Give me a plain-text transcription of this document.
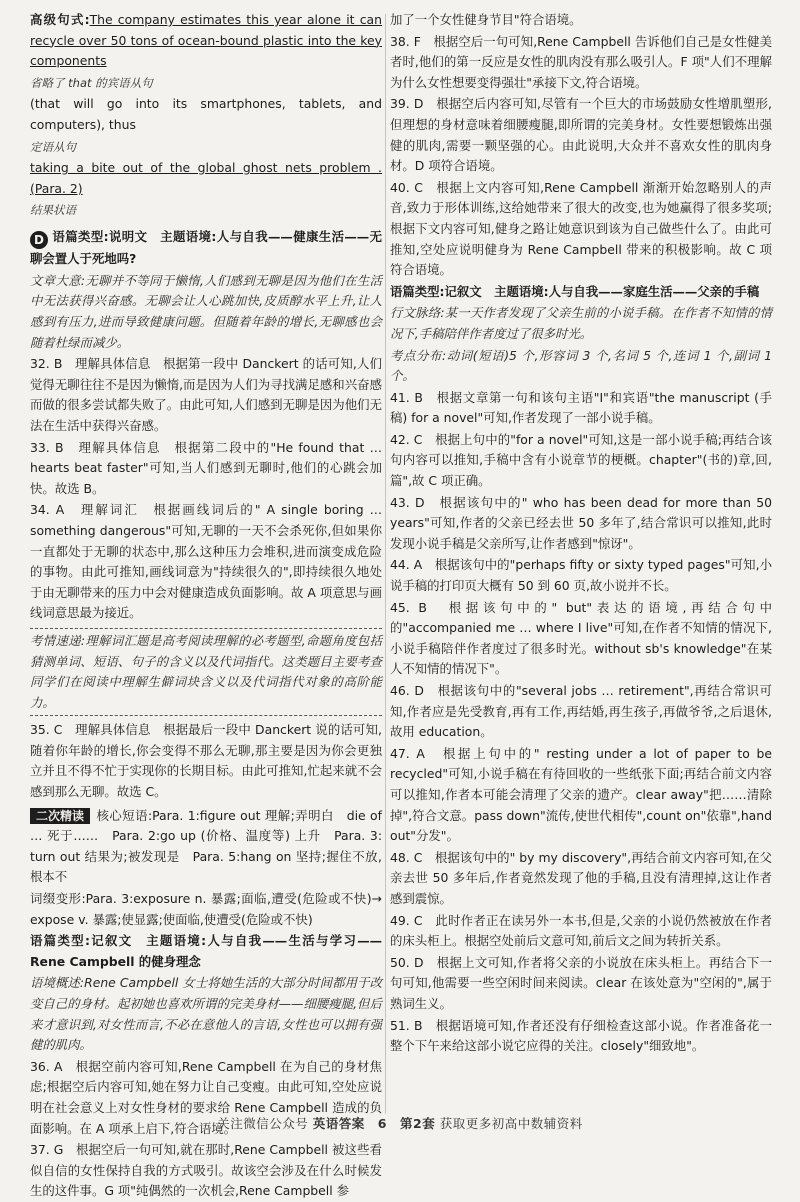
高级句式:The company estimates this year alone it can recycle over 50 tons of ocean-bound plastic into the key components

省略了 that 的宾语从句

(that will go into its smartphones, tablets, and computers), thus

定语从句

taking a bite out of the global ghost nets problem . (Para. 2)

结果状语

D 语篇类型:说明文　主题语境:人与自我——健康生活——无聊会置人于死地吗?

文章大意:无聊并不等同于懒惰,人们感到无聊是因为他们在生活中无法获得兴奋感。无聊会让人心跳加快,皮质醇水平上升,让人感到有压力,进而导致健康问题。但随着年龄的增长,无聊感也会随着杜绿而减少。

32. B　理解具体信息　根据第一段中 Danckert 的话可知,人们觉得无聊往往不是因为懒惰,而是因为人们为寻找满足感和兴奋感而做的很多尝试都失败了。由此可知,人们感到无聊是因为他们无法在生活中获得兴奋感。

33. B　理解具体信息　根据第二段中的"He found that … hearts beat faster"可知,当人们感到无聊时,他们的心跳会加快。故选 B。

34. A　理解词汇　根据画线词后的" A single boring … something dangerous"可知,无聊的一天不会杀死你,但如果你一直都处于无聊的状态中,那么这种压力会堆积,进而演变成危险的事物。由此可推知,画线词意为"持续很久的",即持续很久地处于由无聊带来的压力中会对健康造成负面影响。故 A 项意思与画线词意思最为接近。

考情速递:理解词汇题是高考阅读理解的必考题型,命题角度包括猜测单词、短语、句子的含义以及代词指代。这类题目主要考查同学们在阅读中理解生僻词块含义以及代词指代对象的高阶能力。

35. C　理解具体信息　根据最后一段中 Danckert 说的话可知,随着你年龄的增长,你会变得不那么无聊,那主要是因为你会更独立并且不得不忙于实现你的长期目标。由此可推知,忙起来就不会感到那么无聊。故选 C。

二次精读 核心短语:Para. 1:figure out 理解;弄明白　die of … 死于……　Para. 2:go up (价格、温度等) 上升　Para. 3: turn out 结果为;被发现是　Para. 5:hang on 坚持;握住不放,根本不

词缀变形:Para. 3:exposure n. 暴露;面临,遭受(危险或不快)→ expose v. 暴露;使显露;使面临,使遭受(危险或不快)

语篇类型:记叙文　主题语境:人与自我——生活与学习——Rene Campbell 的健身理念

语境概述:Rene Campbell 女士将她生活的大部分时间都用于改变自己的身材。起初她也喜欢所谓的完美身材——细腰瘦腿,但后来才意识到,对女性而言,不必在意他人的言语,女性也可以拥有强健的肌肉。

36. A　根据空前内容可知,Rene Campbell 在为自己的身材焦虑;根据空后内容可知,她在努力让自己变瘦。由此可知,空处应说明在社会意义上对女性身材的要求给 Rene Campbell 造成的负面影响。在 A 项承上启下,符合语境。

37. G　根据空后一句可知,就在那时,Rene Campbell 被这些看似自信的女性保持自我的方式吸引。故该空会涉及在什么时候发生的这件事。G 项"纯偶然的一次机会,Rene Campbell 参

加了一个女性健身节目"符合语境。

38. F　根据空后一句可知,Rene Campbell 告诉他们自己是女性健美者时,他们的第一反应是女性的肌肉没有那么吸引人。F 项"人们不理解为什么女性想要变得强壮"承接下文,符合语境。

39. D　根据空后内容可知,尽管有一个巨大的市场鼓励女性增肌塑形,但理想的身材意味着细腰瘦腿,即所谓的完美身材。女性要想锻炼出强健的肌肉,需要一颗坚强的心。由此说明,大众并不喜欢女性的肌肉身材。D 项符合语境。

40. C　根据上文内容可知,Rene Campbell 渐渐开始忽略别人的声音,致力于形体训练,这给她带来了很大的改变,也为她赢得了很多奖项;根据下文内容可知,健身之路让她意识到该为自己做些什么了。由此可推知,空处应说明健身为 Rene Campbell 带来的积极影响。故 C 项符合语境。

语篇类型:记叙文　主题语境:人与自我——家庭生活——父亲的手稿

行文脉络:某一天作者发现了父亲生前的小说手稿。在作者不知情的情况下,手稿陪伴作者度过了很多时光。

考点分布:动词(短语)5 个,形容词 3 个,名词 5 个,连词 1 个,副词 1 个。

41. B　根据文章第一句和该句主语"I"和宾语"the manuscript (手稿) for a novel"可知,作者发现了一部小说手稿。

42. C　根据上句中的"for a novel"可知,这是一部小说手稿;再结合该句内容可以推知,手稿中含有小说章节的梗概。chapter"(书的)章,回,篇",故 C 项正确。

43. D　根据该句中的" who has been dead for more than 50 years"可知,作者的父亲已经去世 50 多年了,结合常识可以推知,此时发现小说手稿是父亲所写,让作者感到"惊讶"。

44. A　根据该句中的"perhaps fifty or sixty typed pages"可知,小说手稿的打印页大概有 50 到 60 页,故小说并不长。

45. B　根据该句中的" but"表达的语境,再结合句中的"accompanied me … where I live"可知,在作者不知情的情况下,小说手稿陪伴作者度过了很多时光。without sb's knowledge"在某人不知情的情况下"。

46. D　根据该句中的"several jobs … retirement",再结合常识可知,作者应是先受教育,再有工作,再结婚,再生孩子,再做爷爷,之后退休,故用 education。

47. A　根据上句中的" resting under a lot of paper to be recycled"可知,小说手稿在有待回收的一些纸张下面;再结合前文内容可以推知,作者本可能会清理了父亲的遗产。clear away"把……清除掉",符合文意。pass down"流传,使世代相传",count on"依靠",hand out"分发"。

48. C　根据该句中的" by my discovery",再结合前文内容可知,在父亲去世 50 多年后,作者竟然发现了他的手稿,且没有清理掉,这让作者感到震惊。

49. C　此时作者正在读另外一本书,但是,父亲的小说仍然被放在作者的床头柜上。根据空处前后文意可知,前后文之间为转折关系。

50. D　根据上文可知,作者将父亲的小说放在床头柜上。再结合下一句可知,他需要一些空闲时间来阅读。clear 在该处意为"空闲的",属于熟词生义。

51. B　根据语境可知,作者还没有仔细检查这部小说。作者准备花一整个下午来给这部小说它应得的关注。closely"细致地"。

关注微信公众号 英语答案　6　第2套 获取更多初高中数辅资料
